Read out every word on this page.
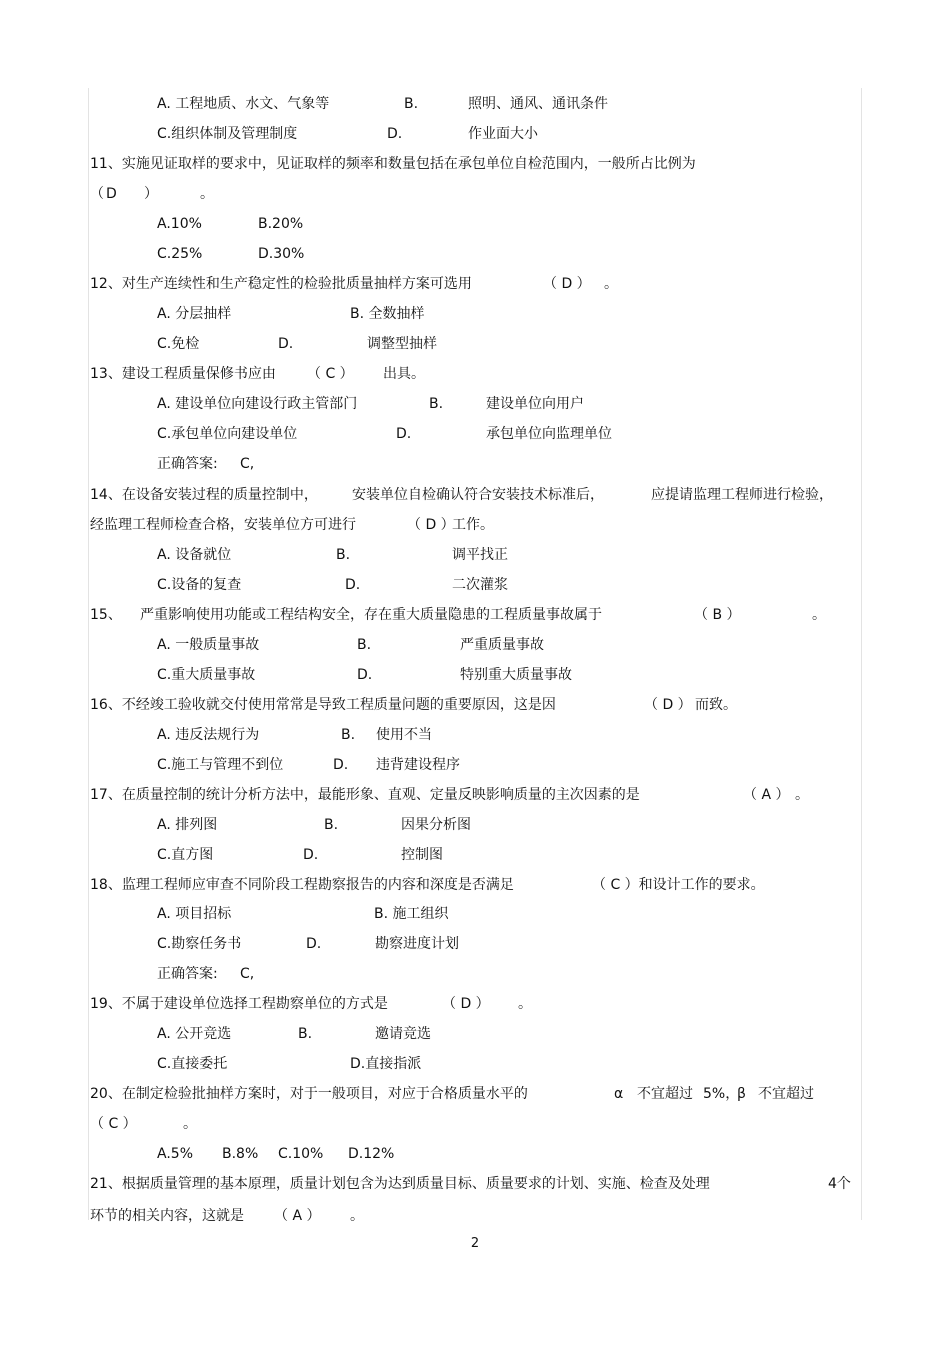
A. 工程地质、水文、气象等	B.	照明、通风、通讯条件
C.组织体制及管理制度	D.	作业面大小
11、实施见证取样的要求中，见证取样的频率和数量包括在承包单位自检范围内，一般所占比例为
（ D ）	。
A.10%	B.20%
C.25%	D.30%
12、对生产连续性和生产稳定性的检验批质量抽样方案可选用	（ D ） 。
A. 分层抽样	B. 全数抽样
C.免检	D.	调整型抽样
13、建设工程质量保修书应由 （ C ） 出具。
A. 建设单位向建设行政主管部门	B.	建设单位向用户
C.承包单位向建设单位	D.	承包单位向监理单位
正确答案: C,
14、在设备安装过程的质量控制中， 安装单位自检确认符合安装技术标准后，	应提请监理工程师进行检验，
经监理工程师检查合格，安装单位方可进行	（ D ）
工作。
A. 设备就位	B.	调平找正
C.设备的复查	D.	二次灌浆
15、 严重影响使用功能或工程结构安全，存在重大质量隐患的工程质量事故属于	（ B ）	。
A. 一般质量事故	B.	严重质量事故
C.重大质量事故	D.	特别重大质量事故
16、不经竣工验收就交付使用常常是导致工程质量问题的重要原因，这是因	（ D ） 而致。
A. 违反法规行为	B. 使用不当
C.施工与管理不到位	D. 违背建设程序
17、在质量控制的统计分析方法中，最能形象、直观、定量反映影响质量的主次因素的是	（ A ） 。
A. 排列图	B.	因果分析图
C.直方图	D.	控制图
18、监理工程师应审查不同阶段工程勘察报告的内容和深度是否满足	（ C ）和设计工作的要求。
A. 项目招标	B. 施工组织
C.勘察任务书	D.	勘察进度计划
正确答案: C,
19、不属于建设单位选择工程勘察单位的方式是	（ D ） 。
A. 公开竞选	B.	邀请竞选
C.直接委托	D.直接指派
20、在制定检验批抽样方案时，对于一般项目，对应于合格质量水平的	α 不宜超过 5%，
β 不宜超过
（ C ）	。
A.5% B.8% C.10% D.12%
21、根据质量管理的基本原理，质量计划包含为达到质量目标、质量要求的计划、实施、检查及处理	4个
环节的相关内容，这就是 （ A ） 。
2
